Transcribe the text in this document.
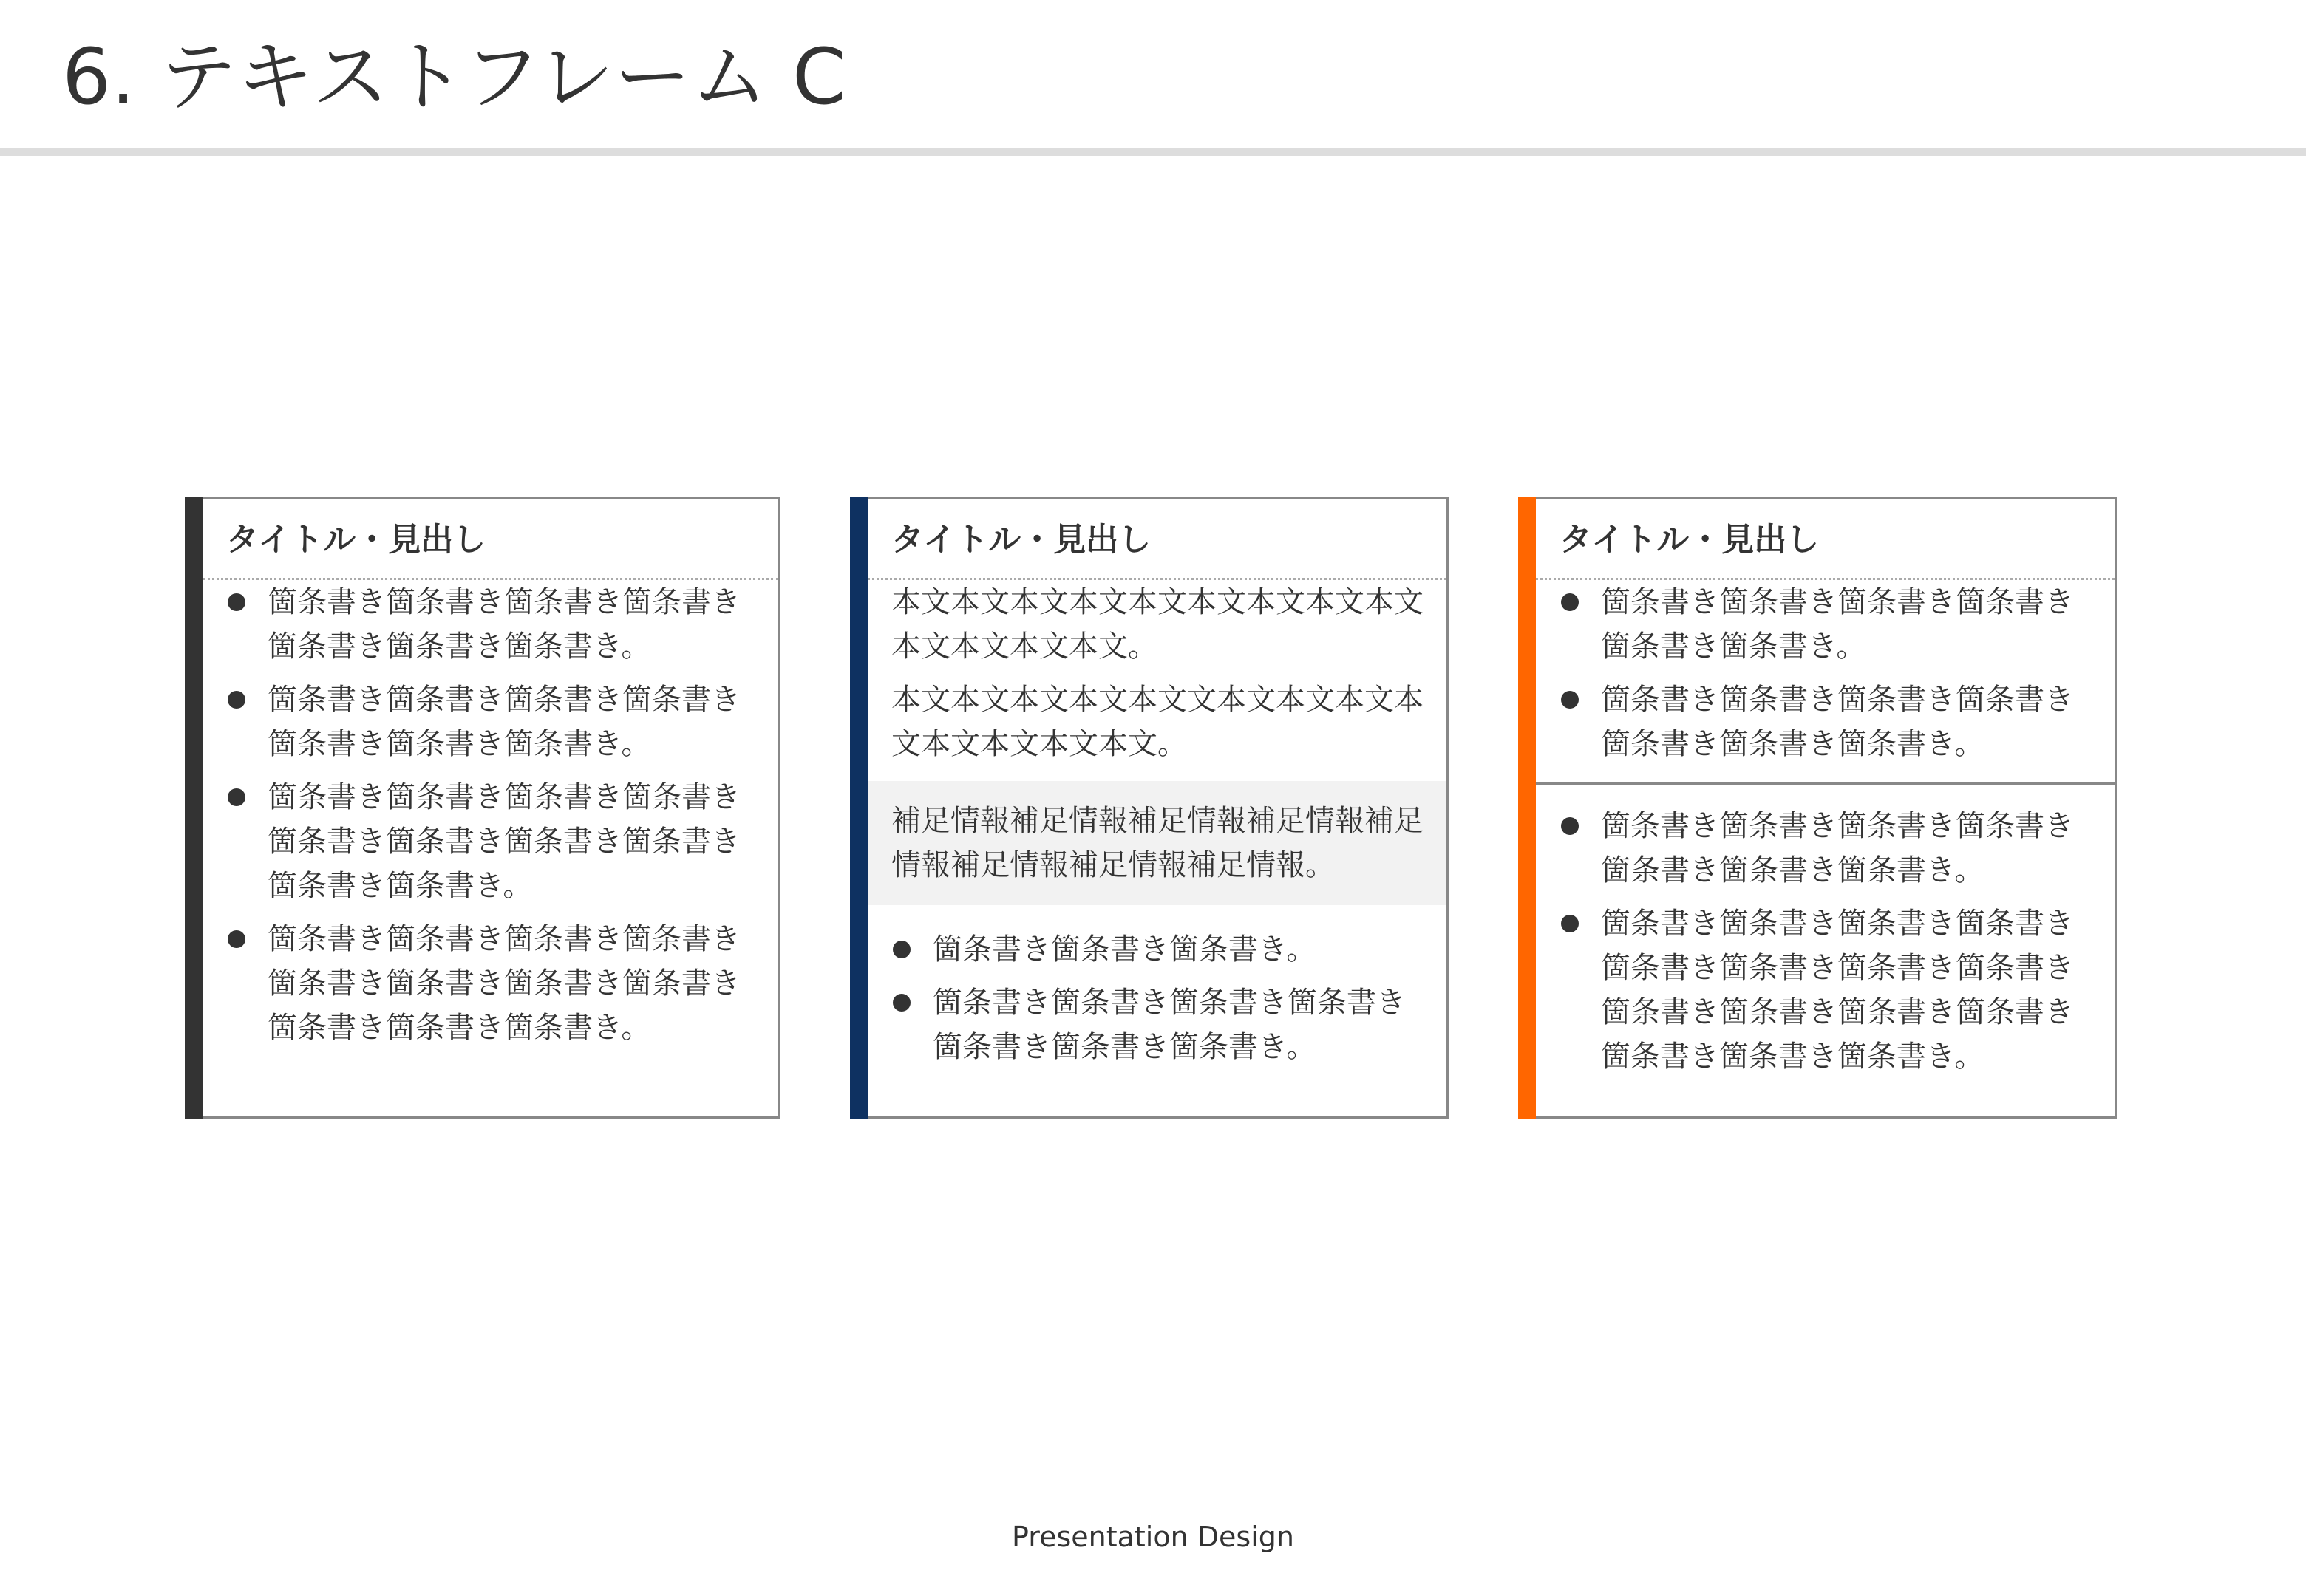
6. テキストフレーム C
タイトル・見出し
箇条書き箇条書き箇条書き箇条書き箇条書き箇条書き箇条書き。
箇条書き箇条書き箇条書き箇条書き箇条書き箇条書き箇条書き。
箇条書き箇条書き箇条書き箇条書き箇条書き箇条書き箇条書き箇条書き箇条書き箇条書き。
箇条書き箇条書き箇条書き箇条書き箇条書き箇条書き箇条書き箇条書き箇条書き箇条書き箇条書き。
タイトル・見出し

本文本文本文本文本文本文本文本文本文本文本文本文本文。

本文本文本文本文本文文本文本文本文本文本文本文本文本文。

補足情報補足情報補足情報補足情報補足情報補足情報補足情報補足情報。
箇条書き箇条書き箇条書き。
箇条書き箇条書き箇条書き箇条書き箇条書き箇条書き箇条書き。
タイトル・見出し
箇条書き箇条書き箇条書き箇条書き箇条書き箇条書き。
箇条書き箇条書き箇条書き箇条書き箇条書き箇条書き箇条書き。
箇条書き箇条書き箇条書き箇条書き箇条書き箇条書き箇条書き。
箇条書き箇条書き箇条書き箇条書き箇条書き箇条書き箇条書き箇条書き箇条書き箇条書き箇条書き箇条書き箇条書き箇条書き箇条書き。
Presentation Design
